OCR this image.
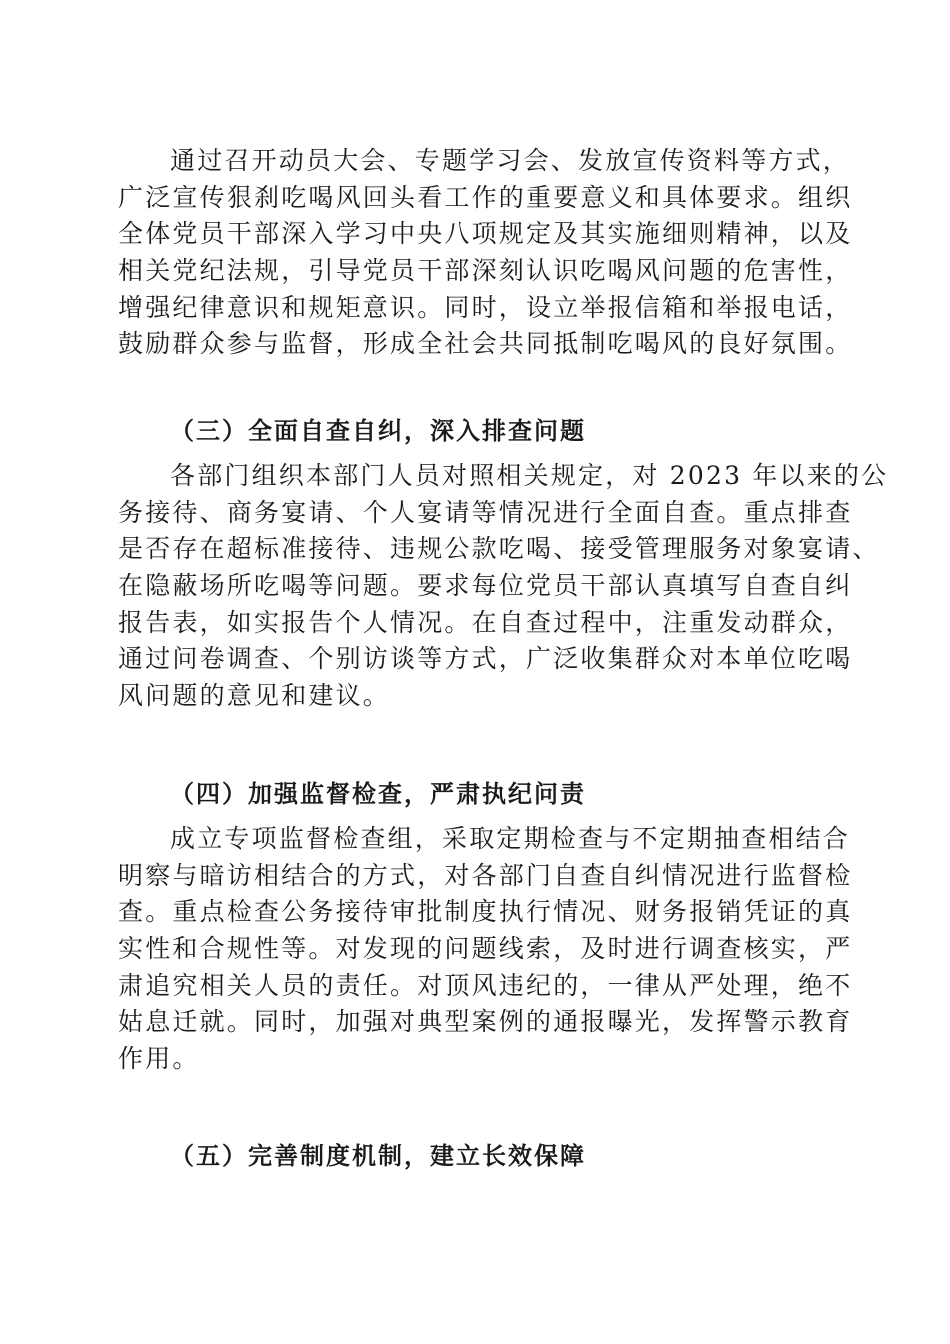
通过召开动员大会、专题学习会、发放宣传资料等方式，
广泛宣传狠刹吃喝风回头看工作的重要意义和具体要求。组织
全体党员干部深入学习中央八项规定及其实施细则精神，以及
相关党纪法规，引导党员干部深刻认识吃喝风问题的危害性，
增强纪律意识和规矩意识。同时，设立举报信箱和举报电话，
鼓励群众参与监督，形成全社会共同抵制吃喝风的良好氛围。
（三）全面自查自纠，深入排查问题
各部门组织本部门人员对照相关规定，对 2023 年以来的公
务接待、商务宴请、个人宴请等情况进行全面自查。重点排查
是否存在超标准接待、违规公款吃喝、接受管理服务对象宴请、
在隐蔽场所吃喝等问题。要求每位党员干部认真填写自查自纠
报告表，如实报告个人情况。在自查过程中，注重发动群众，
通过问卷调查、个别访谈等方式，广泛收集群众对本单位吃喝
风问题的意见和建议。
（四）加强监督检查，严肃执纪问责
成立专项监督检查组，采取定期检查与不定期抽查相结合
明察与暗访相结合的方式，对各部门自查自纠情况进行监督检
查。重点检查公务接待审批制度执行情况、财务报销凭证的真
实性和合规性等。对发现的问题线索，及时进行调查核实，严
肃追究相关人员的责任。对顶风违纪的，一律从严处理，绝不
姑息迁就。同时，加强对典型案例的通报曝光，发挥警示教育
作用。
（五）完善制度机制，建立长效保障
